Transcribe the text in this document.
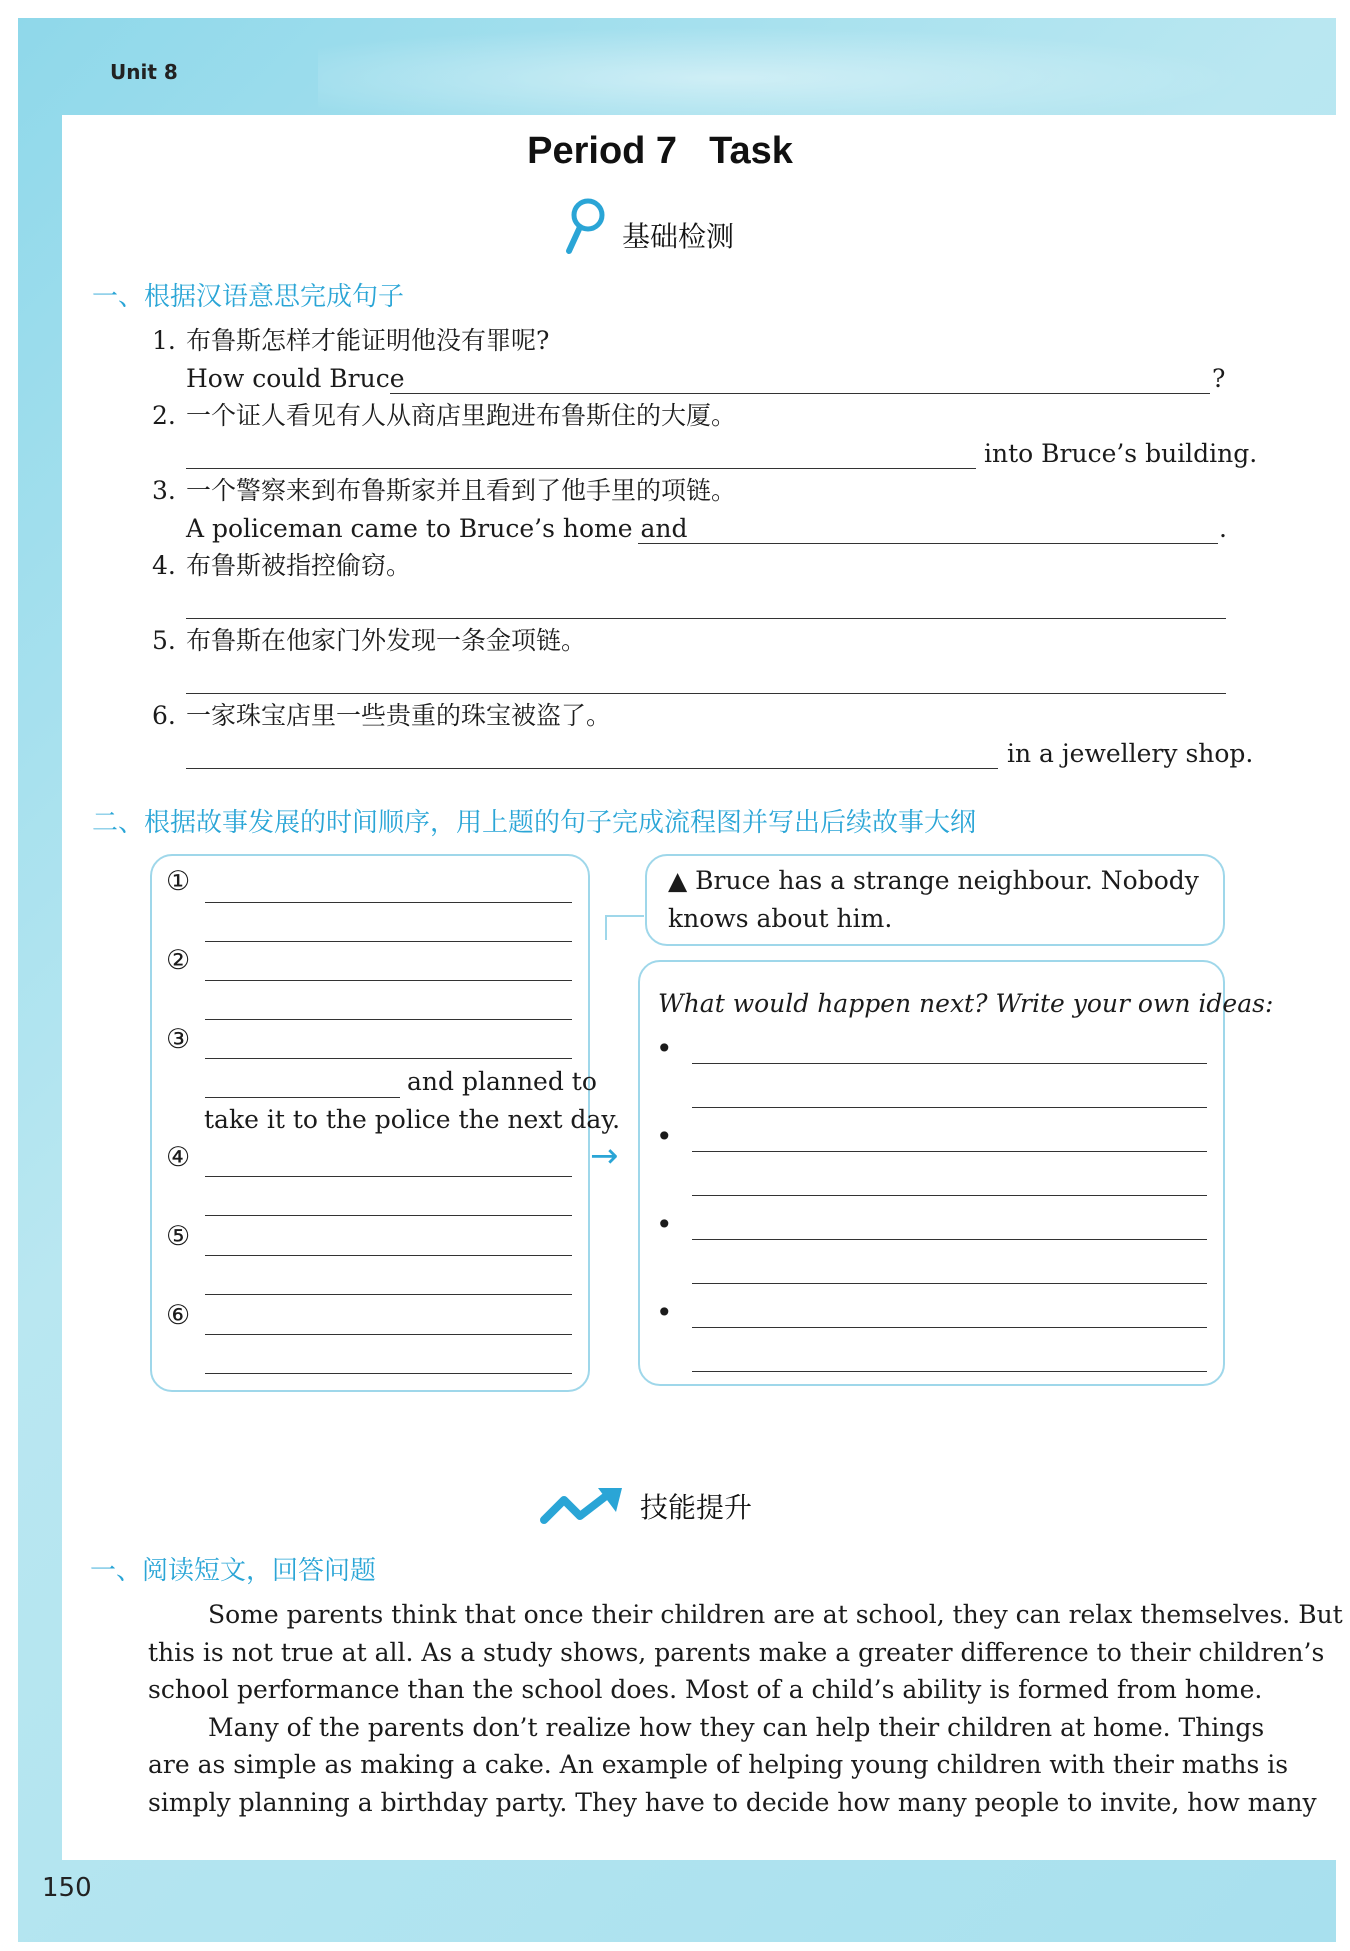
Unit 8
Period 7 Task
基础检测
一、根据汉语意思完成句子
1. 布鲁斯怎样才能证明他没有罪呢?
How could Bruce	?
2. 一个证人看见有人从商店里跑进布鲁斯住的大厦。
into Bruce’s building.
3. 一个警察来到布鲁斯家并且看到了他手里的项链。
A policeman came to Bruce’s home and	.
4. 布鲁斯被指控偷窃。
5. 布鲁斯在他家门外发现一条金项链。
6. 一家珠宝店里一些贵重的珠宝被盗了。
in a jewellery shop.
二、根据故事发展的时间顺序，用上题的句子完成流程图并写出后续故事大纲
①
②
③
and planned to
take it to the police the next day.
④
⑤
⑥
→
▲ Bruce has a strange neighbour. Nobody
knows about him.
What would happen next? Write your own ideas:
•
•
•
•
技能提升
一、阅读短文，回答问题
Some parents think that once their children are at school, they can relax themselves. But
this is not true at all. As a study shows, parents make a greater difference to their children’s
school performance than the school does. Most of a child’s ability is formed from home.
Many of the parents don’t realize how they can help their children at home. Things
are as simple as making a cake. An example of helping young children with their maths is
simply planning a birthday party. They have to decide how many people to invite, how many
150
